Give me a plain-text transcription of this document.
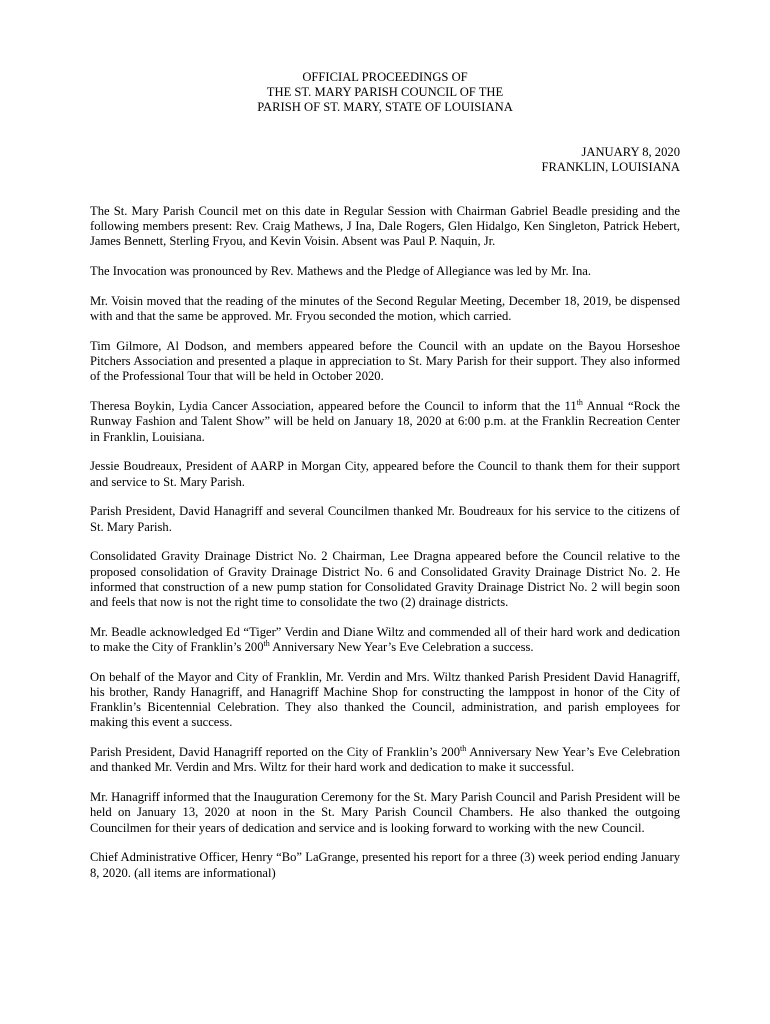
OFFICIAL PROCEEDINGS OF
THE ST. MARY PARISH COUNCIL OF THE
PARISH OF ST. MARY, STATE OF LOUISIANA
JANUARY 8, 2020
FRANKLIN, LOUISIANA

The St. Mary Parish Council met on this date in Regular Session with Chairman Gabriel Beadle presiding and the following members present: Rev. Craig Mathews, J Ina, Dale Rogers, Glen Hidalgo, Ken Singleton, Patrick Hebert, James Bennett, Sterling Fryou, and Kevin Voisin. Absent was Paul P. Naquin, Jr.

The Invocation was pronounced by Rev. Mathews and the Pledge of Allegiance was led by Mr. Ina.

Mr. Voisin moved that the reading of the minutes of the Second Regular Meeting, December 18, 2019, be dispensed with and that the same be approved. Mr. Fryou seconded the motion, which carried.

Tim Gilmore, Al Dodson, and members appeared before the Council with an update on the Bayou Horseshoe Pitchers Association and presented a plaque in appreciation to St. Mary Parish for their support. They also informed of the Professional Tour that will be held in October 2020.

Theresa Boykin, Lydia Cancer Association, appeared before the Council to inform that the 11th Annual “Rock the Runway Fashion and Talent Show” will be held on January 18, 2020 at 6:00 p.m. at the Franklin Recreation Center in Franklin, Louisiana.

Jessie Boudreaux, President of AARP in Morgan City, appeared before the Council to thank them for their support and service to St. Mary Parish.

Parish President, David Hanagriff and several Councilmen thanked Mr. Boudreaux for his service to the citizens of St. Mary Parish.

Consolidated Gravity Drainage District No. 2 Chairman, Lee Dragna appeared before the Council relative to the proposed consolidation of Gravity Drainage District No. 6 and Consolidated Gravity Drainage District No. 2. He informed that construction of a new pump station for Consolidated Gravity Drainage District No. 2 will begin soon and feels that now is not the right time to consolidate the two (2) drainage districts.

Mr. Beadle acknowledged Ed “Tiger” Verdin and Diane Wiltz and commended all of their hard work and dedication to make the City of Franklin’s 200th Anniversary New Year’s Eve Celebration a success.

On behalf of the Mayor and City of Franklin, Mr. Verdin and Mrs. Wiltz thanked Parish President David Hanagriff, his brother, Randy Hanagriff, and Hanagriff Machine Shop for constructing the lamppost in honor of the City of Franklin’s Bicentennial Celebration. They also thanked the Council, administration, and parish employees for making this event a success.

Parish President, David Hanagriff reported on the City of Franklin’s 200th Anniversary New Year’s Eve Celebration and thanked Mr. Verdin and Mrs. Wiltz for their hard work and dedication to make it successful.

Mr. Hanagriff informed that the Inauguration Ceremony for the St. Mary Parish Council and Parish President will be held on January 13, 2020 at noon in the St. Mary Parish Council Chambers. He also thanked the outgoing Councilmen for their years of dedication and service and is looking forward to working with the new Council.

Chief Administrative Officer, Henry “Bo” LaGrange, presented his report for a three (3) week period ending January 8, 2020. (all items are informational)
